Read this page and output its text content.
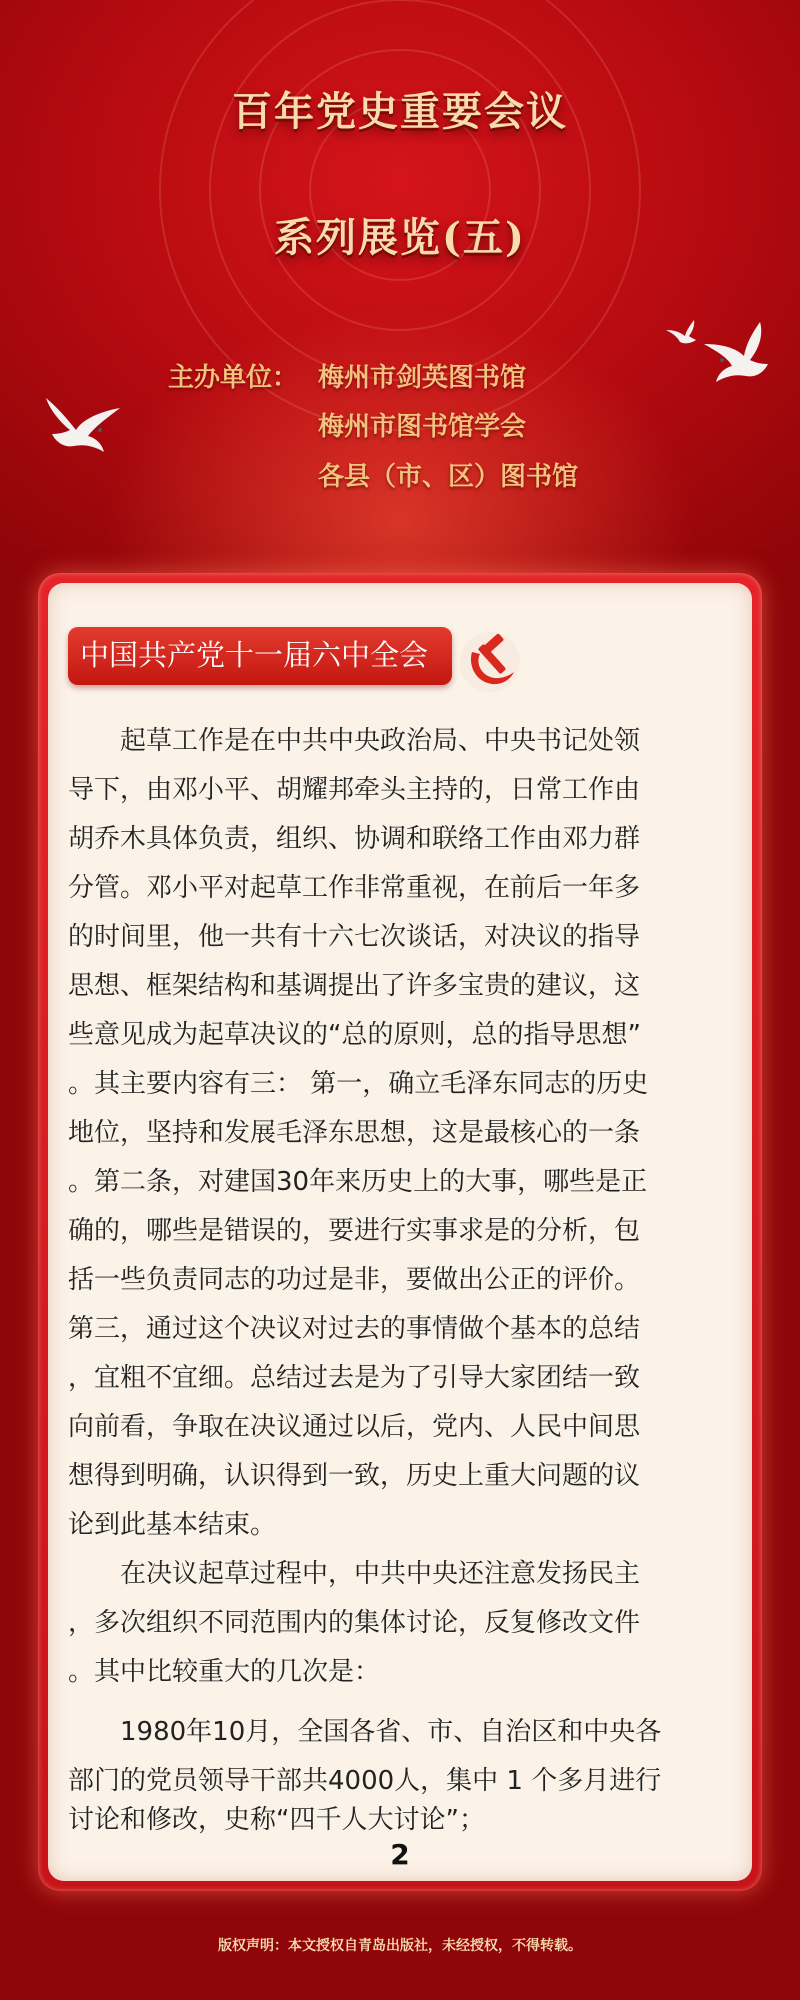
百年党史重要会议
系列展览(五)
主办单位： 梅州市剑英图书馆
梅州市图书馆学会
各县（市、区）图书馆
中国共产党十一届六中全会
　　起草工作是在中共中央政治局、中央书记处领
导下，由邓小平、胡耀邦牵头主持的，日常工作由
胡乔木具体负责，组织、协调和联络工作由邓力群
分管。邓小平对起草工作非常重视，在前后一年多
的时间里，他一共有十六七次谈话，对决议的指导
思想、框架结构和基调提出了许多宝贵的建议，这
些意见成为起草决议的“总的原则，总的指导思想”
。其主要内容有三： 第一，确立毛泽东同志的历史
地位，坚持和发展毛泽东思想，这是最核心的一条
。第二条，对建国30年来历史上的大事，哪些是正
确的，哪些是错误的，要进行实事求是的分析，包
括一些负责同志的功过是非，要做出公正的评价。
第三，通过这个决议对过去的事情做个基本的总结
，宜粗不宜细。总结过去是为了引导大家团结一致
向前看，争取在决议通过以后，党内、人民中间思
想得到明确，认识得到一致，历史上重大问题的议
论到此基本结束。
　　在决议起草过程中，中共中央还注意发扬民主
，多次组织不同范围内的集体讨论，反复修改文件
。其中比较重大的几次是：
　　1980年10月，全国各省、市、自治区和中央各
部门的党员领导干部共4000人，集中 1 个多月进行
讨论和修改，史称“四千人大讨论”；
2
版权声明：本文授权自青岛出版社，未经授权，不得转载。
